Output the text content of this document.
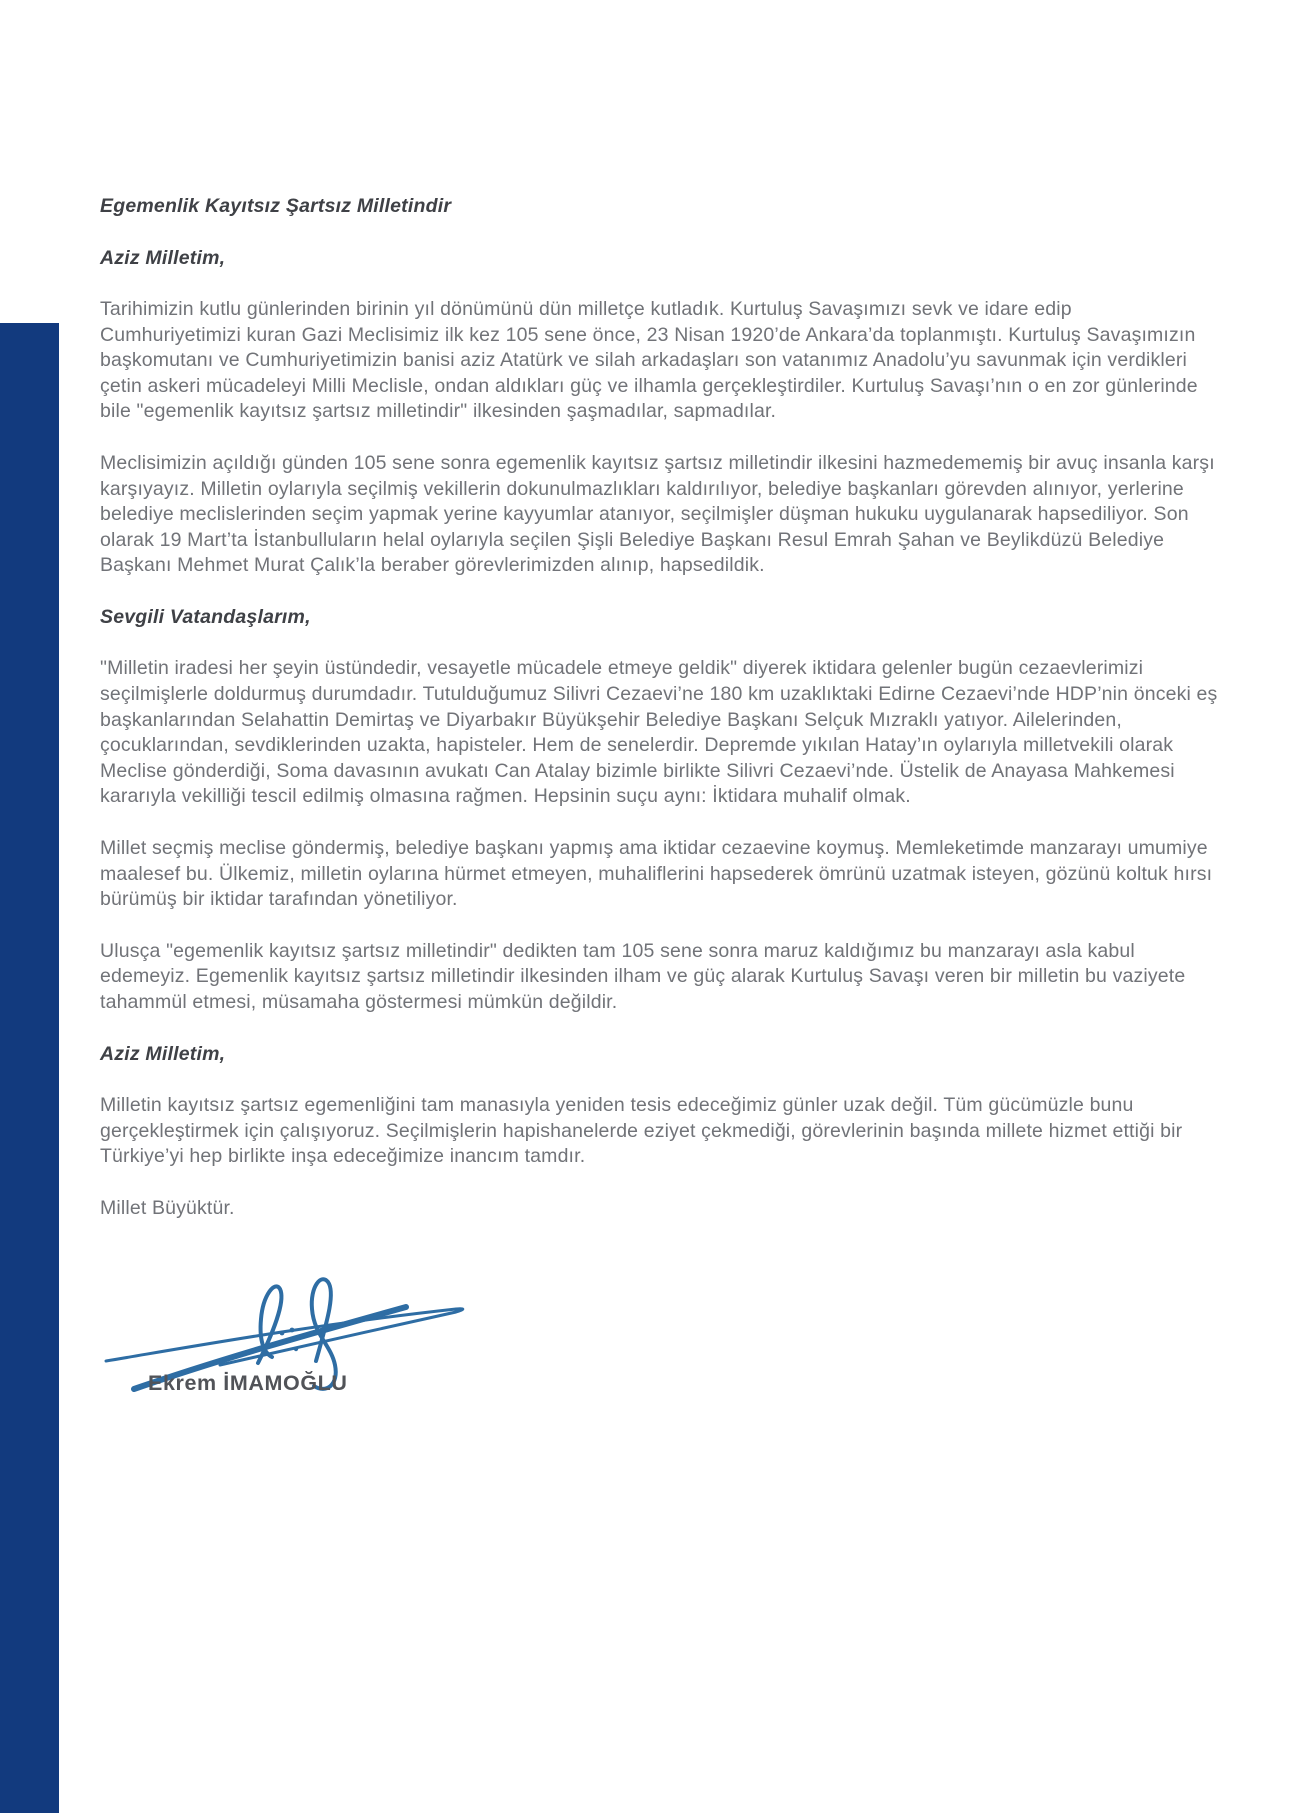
Egemenlik Kayıtsız Şartsız Milletindir

Aziz Milletim,

Tarihimizin kutlu günlerinden birinin yıl dönümünü dün milletçe kutladık. Kurtuluş Savaşımızı sevk ve idare edip Cumhuriyetimizi kuran Gazi Meclisimiz ilk kez 105 sene önce, 23 Nisan 1920’de Ankara’da toplanmıştı. Kurtuluş Savaşımızın başkomutanı ve Cumhuriyetimizin banisi aziz Atatürk ve silah arkadaşları son vatanımız Anadolu’yu savunmak için verdikleri çetin askeri mücadeleyi Milli Meclisle, ondan aldıkları güç ve ilhamla gerçekleştirdiler. Kurtuluş Savaşı’nın o en zor günlerinde bile "egemenlik kayıtsız şartsız milletindir" ilkesinden şaşmadılar, sapmadılar.

Meclisimizin açıldığı günden 105 sene sonra egemenlik kayıtsız şartsız milletindir ilkesini hazmedememiş bir avuç insanla karşı karşıyayız. Milletin oylarıyla seçilmiş vekillerin dokunulmazlıkları kaldırılıyor, belediye başkanları görevden alınıyor, yerlerine belediye meclislerinden seçim yapmak yerine kayyumlar atanıyor, seçilmişler düşman hukuku uygulanarak hapsediliyor. Son olarak 19 Mart’ta İstanbulluların helal oylarıyla seçilen Şişli Belediye Başkanı Resul Emrah Şahan ve Beylikdüzü Belediye Başkanı Mehmet Murat Çalık’la beraber görevlerimizden alınıp, hapsedildik.

Sevgili Vatandaşlarım,

"Milletin iradesi her şeyin üstündedir, vesayetle mücadele etmeye geldik" diyerek iktidara gelenler bugün cezaevlerimizi seçilmişlerle doldurmuş durumdadır. Tutulduğumuz Silivri Cezaevi’ne 180 km uzaklıktaki Edirne Cezaevi’nde HDP’nin önceki eş başkanlarından Selahattin Demirtaş ve Diyarbakır Büyükşehir Belediye Başkanı Selçuk Mızraklı yatıyor. Ailelerinden, çocuklarından, sevdiklerinden uzakta, hapisteler. Hem de senelerdir. Depremde yıkılan Hatay’ın oylarıyla milletvekili olarak Meclise gönderdiği, Soma davasının avukatı Can Atalay bizimle birlikte Silivri Cezaevi’nde. Üstelik de Anayasa Mahkemesi kararıyla vekilliği tescil edilmiş olmasına rağmen. Hepsinin suçu aynı: İktidara muhalif olmak.

Millet seçmiş meclise göndermiş, belediye başkanı yapmış ama iktidar cezaevine koymuş. Memleketimde manzarayı umumiye maalesef bu. Ülkemiz, milletin oylarına hürmet etmeyen, muhaliflerini hapsederek ömrünü uzatmak isteyen, gözünü koltuk hırsı bürümüş bir iktidar tarafından yönetiliyor.

Ulusça "egemenlik kayıtsız şartsız milletindir" dedikten tam 105 sene sonra maruz kaldığımız bu manzarayı asla kabul edemeyiz. Egemenlik kayıtsız şartsız milletindir ilkesinden ilham ve güç alarak Kurtuluş Savaşı veren bir milletin bu vaziyete tahammül etmesi, müsamaha göstermesi mümkün değildir.

Aziz Milletim,

Milletin kayıtsız şartsız egemenliğini tam manasıyla yeniden tesis edeceğimiz günler uzak değil. Tüm gücümüzle bunu gerçekleştirmek için çalışıyoruz. Seçilmişlerin hapishanelerde eziyet çekmediği, görevlerinin başında millete hizmet ettiği bir Türkiye’yi hep birlikte inşa edeceğimize inancım tamdır.

Millet Büyüktür.

Ekrem İMAMOĞLU
